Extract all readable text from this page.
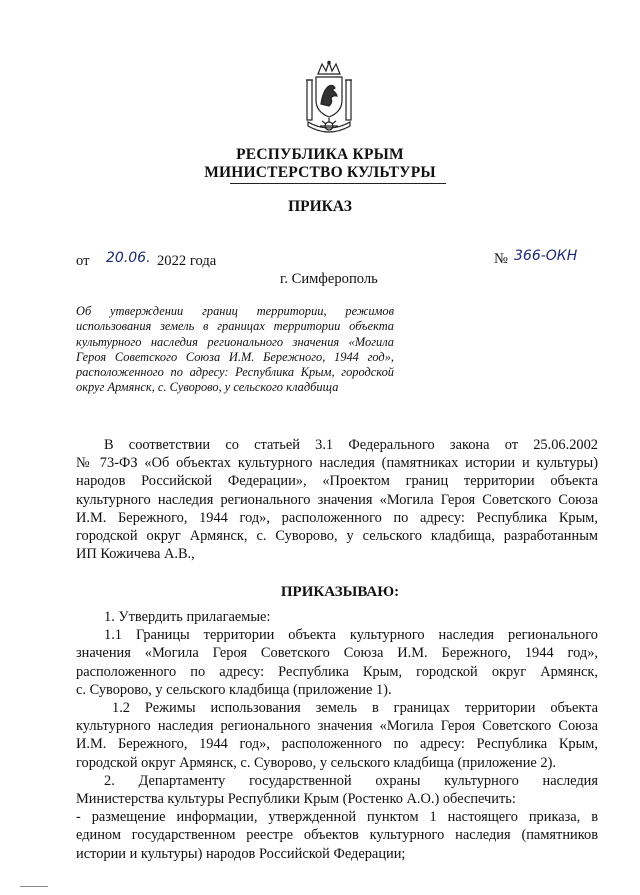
РЕСПУБЛИКА КРЫМ
МИНИСТЕРСТВО КУЛЬТУРЫ
ПРИКАЗ
от 20.06. 2022 года	№ 366-ОКН
г. Симферополь
Об утверждении границ территории, режимов использования земель в границах территории объекта культурного наследия регионального значения «Могила Героя Советского Союза И.М. Бережного, 1944 год», расположенного по адресу: Республика Крым, городской округ Армянск, с. Суворово, у сельского кладбища
В соответствии со статьей 3.1 Федерального закона от 25.06.2002
№ 73-ФЗ «Об объектах культурного наследия (памятниках истории и культуры)
народов Российской Федерации», «Проектом границ территории объекта
культурного наследия регионального значения «Могила Героя Советского Союза
И.М. Бережного, 1944 год», расположенного по адресу: Республика Крым,
городской округ Армянск, с. Суворово, у сельского кладбища, разработанным
ИП Кожичева А.В.,
ПРИКАЗЫВАЮ:
1. Утвердить прилагаемые:
1.1 Границы территории объекта культурного наследия регионального
значения «Могила Героя Советского Союза И.М. Бережного, 1944 год»,
расположенного по адресу: Республика Крым, городской округ Армянск,
с. Суворово, у сельского кладбища (приложение 1).
1.2 Режимы использования земель в границах территории объекта
культурного наследия регионального значения «Могила Героя Советского Союза
И.М. Бережного, 1944 год», расположенного по адресу: Республика Крым,
городской округ Армянск, с. Суворово, у сельского кладбища (приложение 2).
2. Департаменту государственной охраны культурного наследия
Министерства культуры Республики Крым (Ростенко А.О.) обеспечить:
- размещение информации, утвержденной пунктом 1 настоящего приказа, в
едином государственном реестре объектов культурного наследия (памятников
истории и культуры) народов Российской Федерации;
